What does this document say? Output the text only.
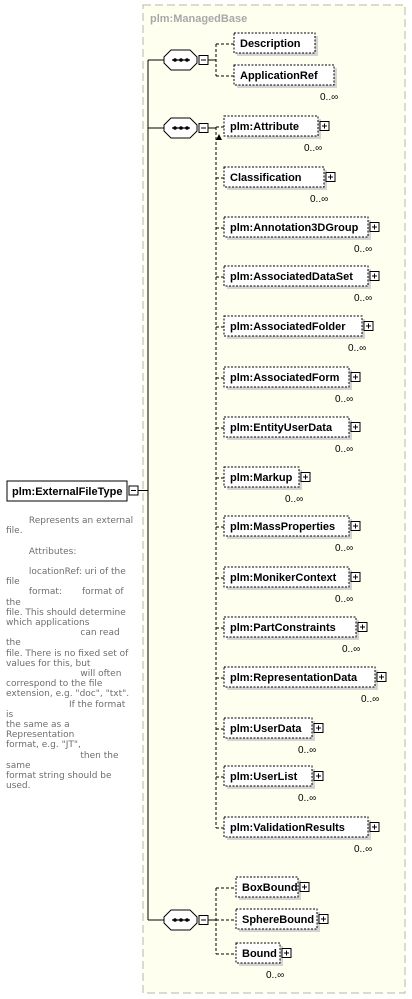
plm:ManagedBase
plm:ExternalFileType
Description
ApplicationRef
0..∞
plm:Attribute
0..∞
Classification
0..∞
plm:Annotation3DGroup
0..∞
plm:AssociatedDataSet
0..∞
plm:AssociatedFolder
0..∞
plm:AssociatedForm
0..∞
plm:EntityUserData
0..∞
plm:Markup
0..∞
plm:MassProperties
0..∞
plm:MonikerContext
0..∞
plm:PartConstraints
0..∞
plm:RepresentationData
0..∞
plm:UserData
0..∞
plm:UserList
0..∞
plm:ValidationResults
0..∞
BoxBound
SphereBound
Bound
0..∞
Represents an external
file.

Attributes:

locationRef: uri of the file
format:       format of the
file. This should determine
which applications
can read the
file. There is no fixed set of
values for this, but
will often
correspond to the file
extension, e.g. "doc", "txt".
If the format is
the same as a Representation
format, e.g. "JT",
then the same
format string should be used.
